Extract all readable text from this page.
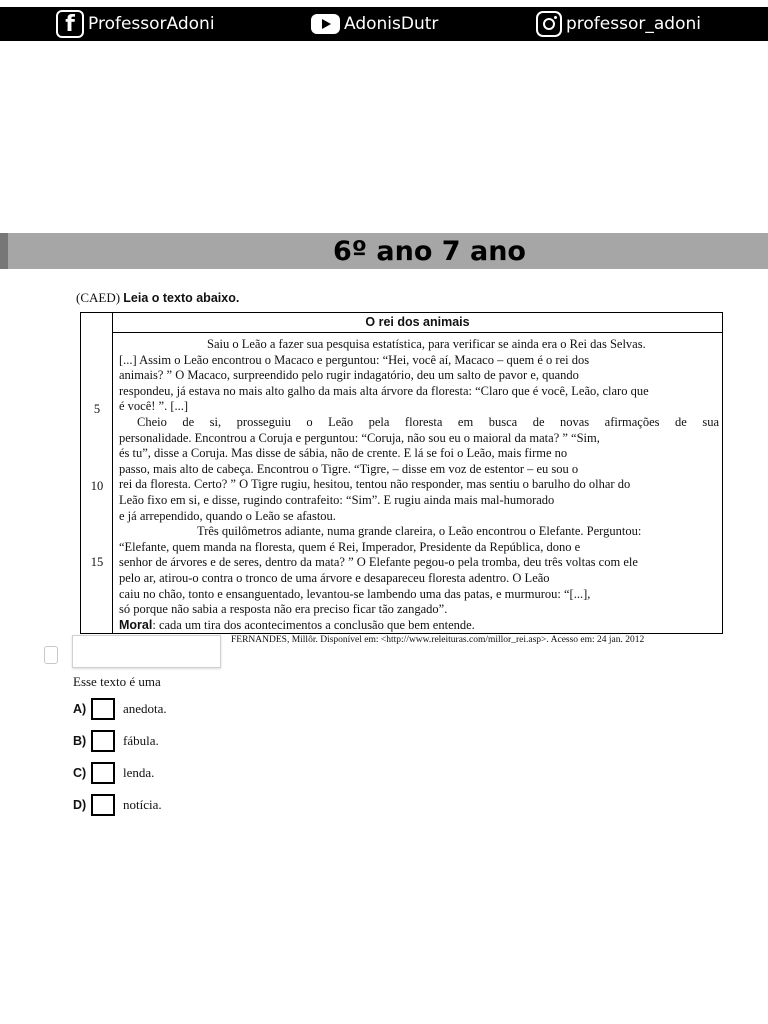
f ProfessorAdoni	AdonisDutr	professor_adoni
6º ano 7 ano
(CAED) Leia o texto abaixo.
5
10
15
O rei dos animais
Saiu o Leão a fazer sua pesquisa estatística, para verificar se ainda era o Rei das Selvas.
[...] Assim o Leão encontrou o Macaco e perguntou: “Hei, você aí, Macaco – quem é o rei dos
animais? ” O Macaco, surpreendido pelo rugir indagatório, deu um salto de pavor e, quando
respondeu, já estava no mais alto galho da mais alta árvore da floresta: “Claro que é você, Leão, claro que
é você! ”. [...]
Cheio de si, prosseguiu o Leão pela floresta em busca de novas afirmações de sua
personalidade. Encontrou a Coruja e perguntou: “Coruja, não sou eu o maioral da mata? ” “Sim,
és tu”, disse a Coruja. Mas disse de sábia, não de crente. E lá se foi o Leão, mais firme no
passo, mais alto de cabeça. Encontrou o Tigre. “Tigre, – disse em voz de estentor – eu sou o
rei da floresta. Certo? ” O Tigre rugiu, hesitou, tentou não responder, mas sentiu o barulho do olhar do
Leão fixo em si, e disse, rugindo contrafeito: “Sim”. E rugiu ainda mais mal-humorado
e já arrependido, quando o Leão se afastou.
Três quilômetros adiante, numa grande clareira, o Leão encontrou o Elefante. Perguntou:
“Elefante, quem manda na floresta, quem é Rei, Imperador, Presidente da República, dono e
senhor de árvores e de seres, dentro da mata? ” O Elefante pegou-o pela tromba, deu três voltas com ele
pelo ar, atirou-o contra o tronco de uma árvore e desapareceu floresta adentro. O Leão
caiu no chão, tonto e ensanguentado, levantou-se lambendo uma das patas, e murmurou: “[...],
só porque não sabia a resposta não era preciso ficar tão zangado”.
Moral: cada um tira dos acontecimentos a conclusão que bem entende.
FERNANDES, Millôr. Disponível em: <http://www.releituras.com/millor_rei.asp>. Acesso em: 24 jan. 2012
Esse texto é uma
A)	anedota.
B)	fábula.
C)	lenda.
D)	notícia.
